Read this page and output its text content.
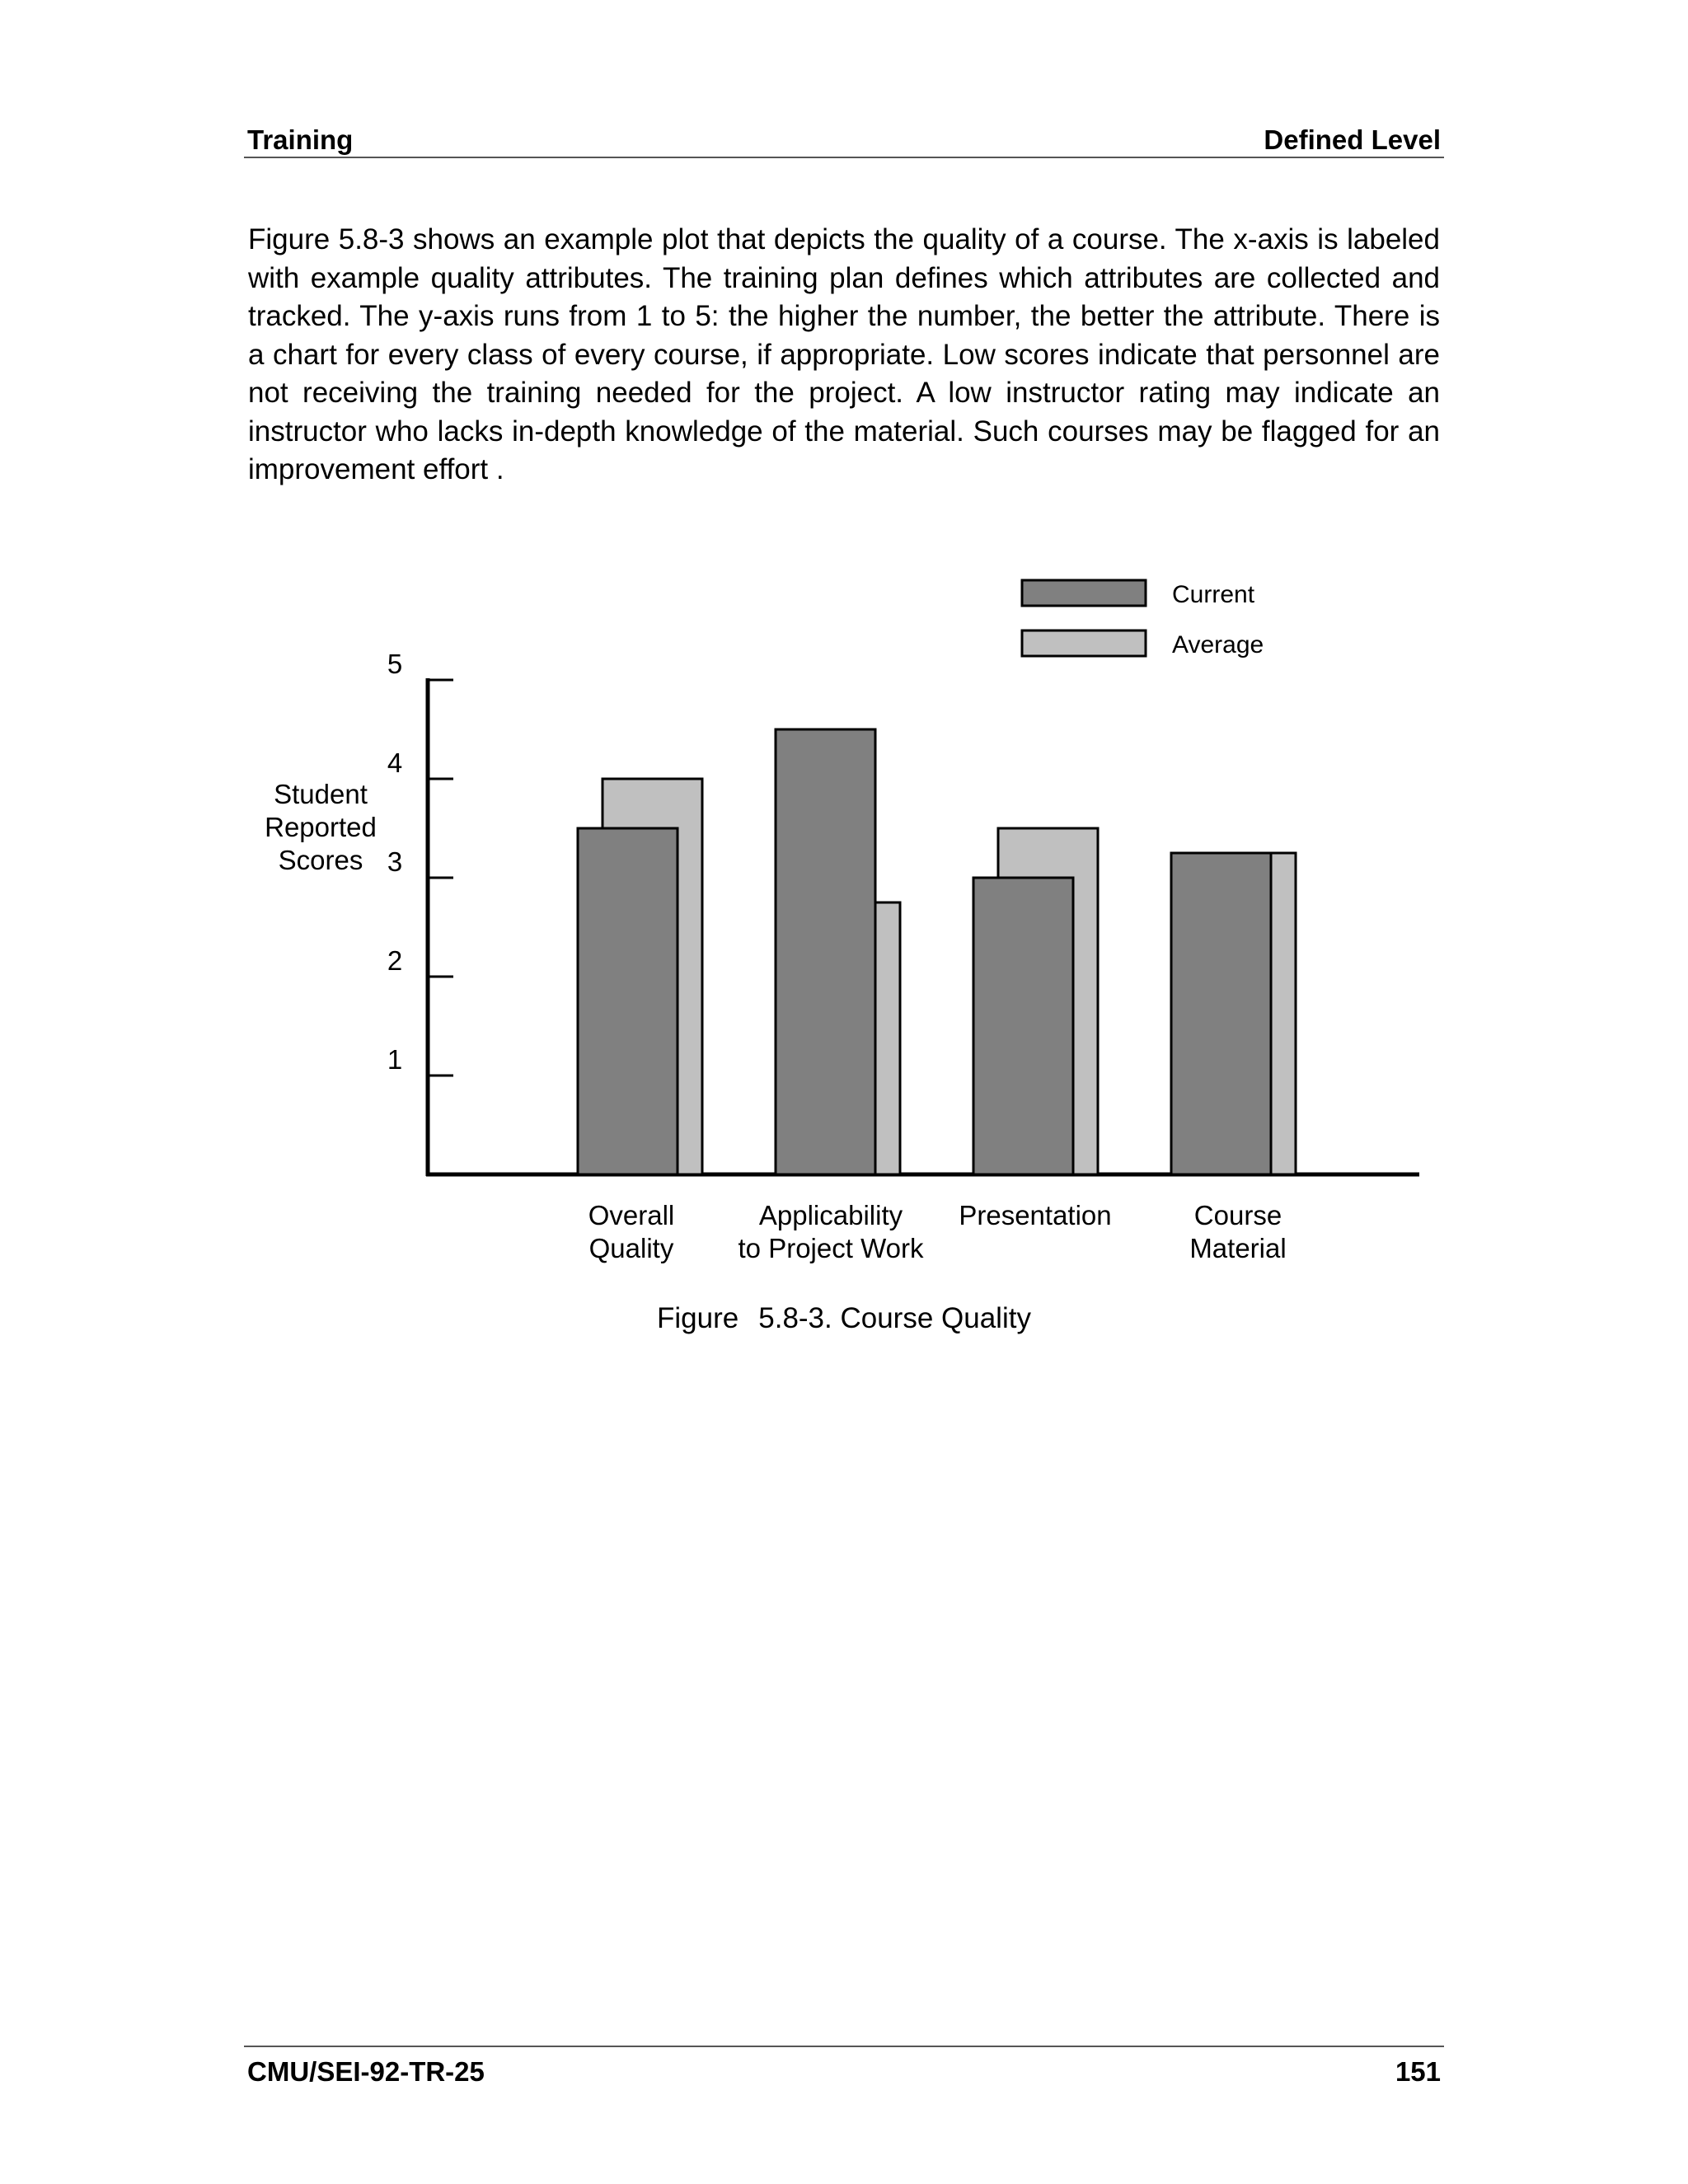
Training	Defined Level

Figure 5.8-3 shows an example plot that depicts the quality of a course. The x-axis is labeled with example quality attributes. The training plan defines which attributes are collected and tracked. The y-axis runs from 1 to 5: the higher the number, the better the attribute. There is a chart for every class of every course, if appropriate. Low scores indicate that personnel are not receiving the training needed for the project. A low instructor rating may indicate an instructor who lacks in-depth knowledge of the material. Such courses may be flagged for an improvement effort .

Current
Average
Student
Reported
Scores
1
2
3
4
5
Overall
Quality
Applicability
to Project Work
Presentation	Course
Material
Figure 5.8-3. Course Quality
CMU/SEI-92-TR-25	151
